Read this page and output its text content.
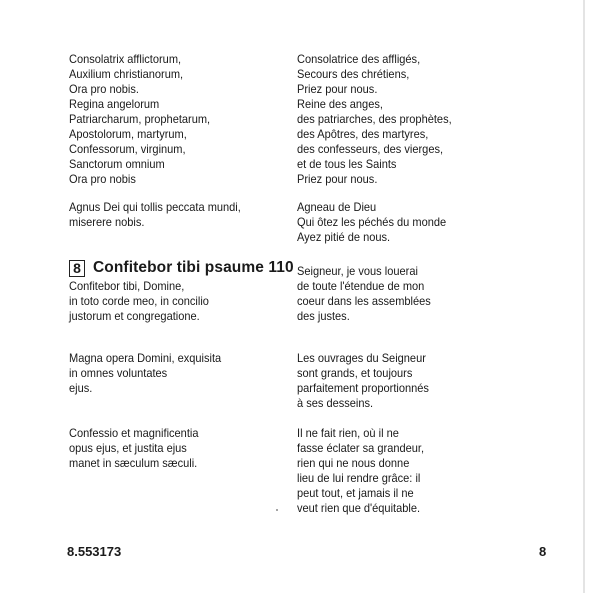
Consolatrix afflictorum,
Auxilium christianorum,
Ora pro nobis.
Regina angelorum
Patriarcharum, prophetarum,
Apostolorum, martyrum,
Confessorum, virginum,
Sanctorum omnium
Ora pro nobis
Consolatrice des affligés,
Secours des chrétiens,
Priez pour nous.
Reine des anges,
des patriarches, des prophètes,
des Apôtres, des martyres,
des confesseurs, des vierges,
et de tous les Saints
Priez pour nous.
Agnus Dei qui tollis peccata mundi,
miserere nobis.
Agneau de Dieu
Qui ôtez les péchés du monde
Ayez pitié de nous.
8 Confitebor tibi psaume 110
Confitebor tibi, Domine,
in toto corde meo, in concilio
justorum et congregatione.
Seigneur, je vous louerai
de toute l'étendue de mon
coeur dans les assemblées
des justes.
Magna opera Domini, exquisita
in omnes voluntates
ejus.
Les ouvrages du Seigneur
sont grands, et toujours
parfaitement proportionnés
à ses desseins.
Confessio et magnificentia
opus ejus, et justita ejus
manet in sæculum sæculi.
Il ne fait rien, où il ne
fasse éclater sa grandeur,
rien qui ne nous donne
lieu de lui rendre grâce: il
peut tout, et jamais il ne
veut rien que d'équitable.
8.553173	8
